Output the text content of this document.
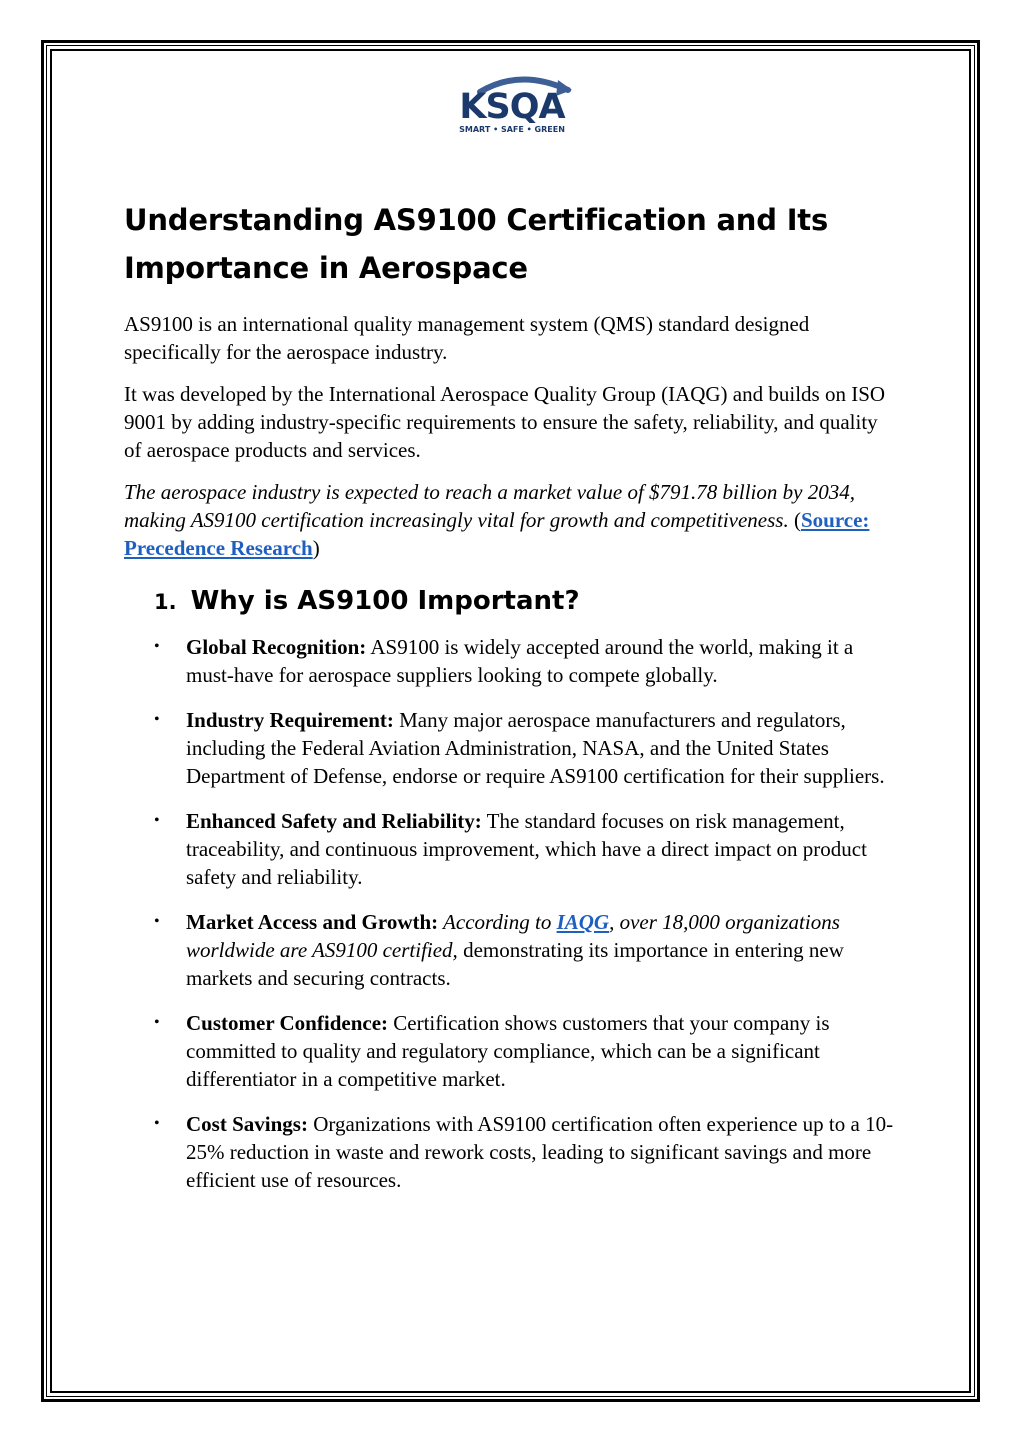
KSQA
SMART • SAFE • GREEN
Understanding AS9100 Certification and Its Importance in Aerospace

AS9100 is an international quality management system (QMS) standard designed specifically for the aerospace industry.

It was developed by the International Aerospace Quality Group (IAQG) and builds on ISO 9001 by adding industry-specific requirements to ensure the safety, reliability, and quality of aerospace products and services.

The aerospace industry is expected to reach a market value of $791.78 billion by 2034, making AS9100 certification increasingly vital for growth and competitiveness. (Source: Precedence Research)

1. Why is AS9100 Important?
• Global Recognition: AS9100 is widely accepted around the world, making it a must-have for aerospace suppliers looking to compete globally.
• Industry Requirement: Many major aerospace manufacturers and regulators, including the Federal Aviation Administration, NASA, and the United States Department of Defense, endorse or require AS9100 certification for their suppliers.
• Enhanced Safety and Reliability: The standard focuses on risk management, traceability, and continuous improvement, which have a direct impact on product safety and reliability.
• Market Access and Growth: According to IAQG, over 18,000 organizations worldwide are AS9100 certified, demonstrating its importance in entering new markets and securing contracts.
• Customer Confidence: Certification shows customers that your company is committed to quality and regulatory compliance, which can be a significant differentiator in a competitive market.
• Cost Savings: Organizations with AS9100 certification often experience up to a 10-25% reduction in waste and rework costs, leading to significant savings and more efficient use of resources.
